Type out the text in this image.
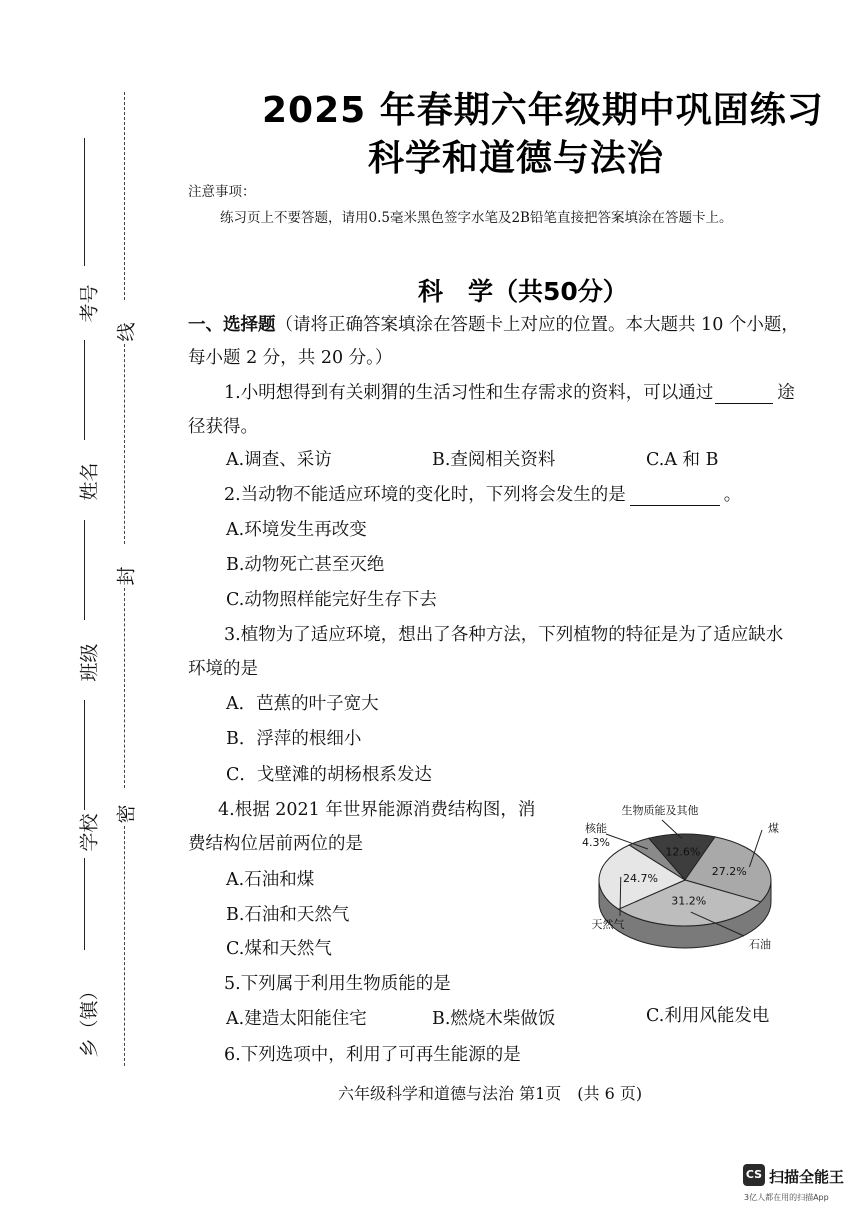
考号
姓名
班级
学校
乡（镇）
线
封
密
2025 年春期六年级期中巩固练习
科学和道德与法治
注意事项：
练习页上不要答题，请用0.5毫米黑色签字水笔及2B铅笔直接把答案填涂在答题卡上。
科　学（共50分）
一、选择题（请将正确答案填涂在答题卡上对应的位置。本大题共 10 个小题，
每小题 2 分，共 20 分。）
1.小明想得到有关刺猬的生活习性和生存需求的资料，可以通过	途
径获得。
A.调查、采访	B.查阅相关资料	C.A 和 B
2.当动物不能适应环境的变化时，下列将会发生的是	。
A.环境发生再改变
B.动物死亡甚至灭绝
C.动物照样能完好生存下去
3.植物为了适应环境，想出了各种方法，下列植物的特征是为了适应缺水
环境的是
A．芭蕉的叶子宽大
B．浮萍的根细小
C．戈壁滩的胡杨根系发达
4.根据 2021 年世界能源消费结构图，消
费结构位居前两位的是
A.石油和煤
B.石油和天然气
C.煤和天然气
5.下列属于利用生物质能的是
A.建造太阳能住宅	B.燃烧木柴做饭	C.利用风能发电
6.下列选项中，利用了可再生能源的是
27.2%
31.2%
24.7%
12.6%
煤
石油
天然气
生物质能及其他
核能
4.3%
六年级科学和道德与法治 第1页　(共 6 页)
CS 扫描全能王
3亿人都在用的扫描App
